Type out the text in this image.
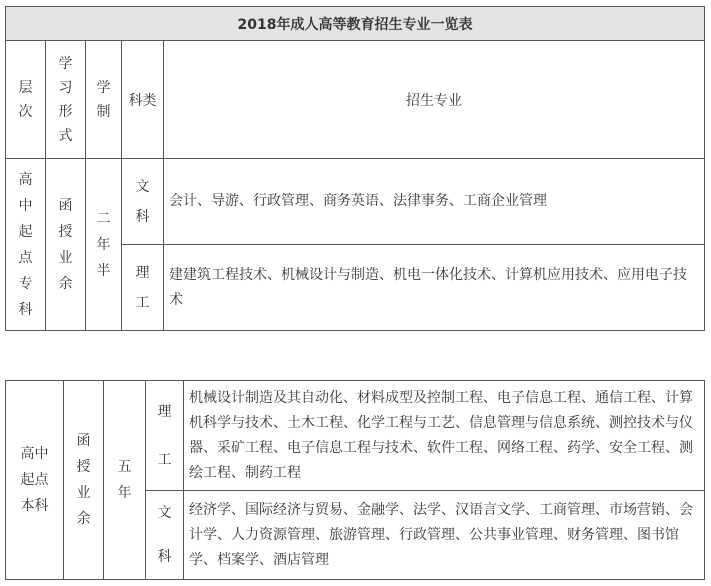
2018年成人高等教育招生专业一览表				
层次	学习形式	学制	科类	招生专业
高中起点专科	函授业余	二年半	文科	会计、导游、行政管理、商务英语、法律事务、工商企业管理
			理工	建建筑工程技术、机械设计与制造、机电一体化技术、计算机应用技术、应用电子技术
高中起点本科	函授业余	五年	理工	机械设计制造及其自动化、材料成型及控制工程、电子信息工程、通信工程、计算机科学与技术、土木工程、化学工程与工艺、信息管理与信息系统、测控技术与仪器、采矿工程、电子信息工程与技术、软件工程、网络工程、药学、安全工程、测绘工程、制药工程
			文科	经济学、国际经济与贸易、金融学、法学、汉语言文学、工商管理、市场营销、会计学、人力资源管理、旅游管理、行政管理、公共事业管理、财务管理、图书馆学、档案学、酒店管理
